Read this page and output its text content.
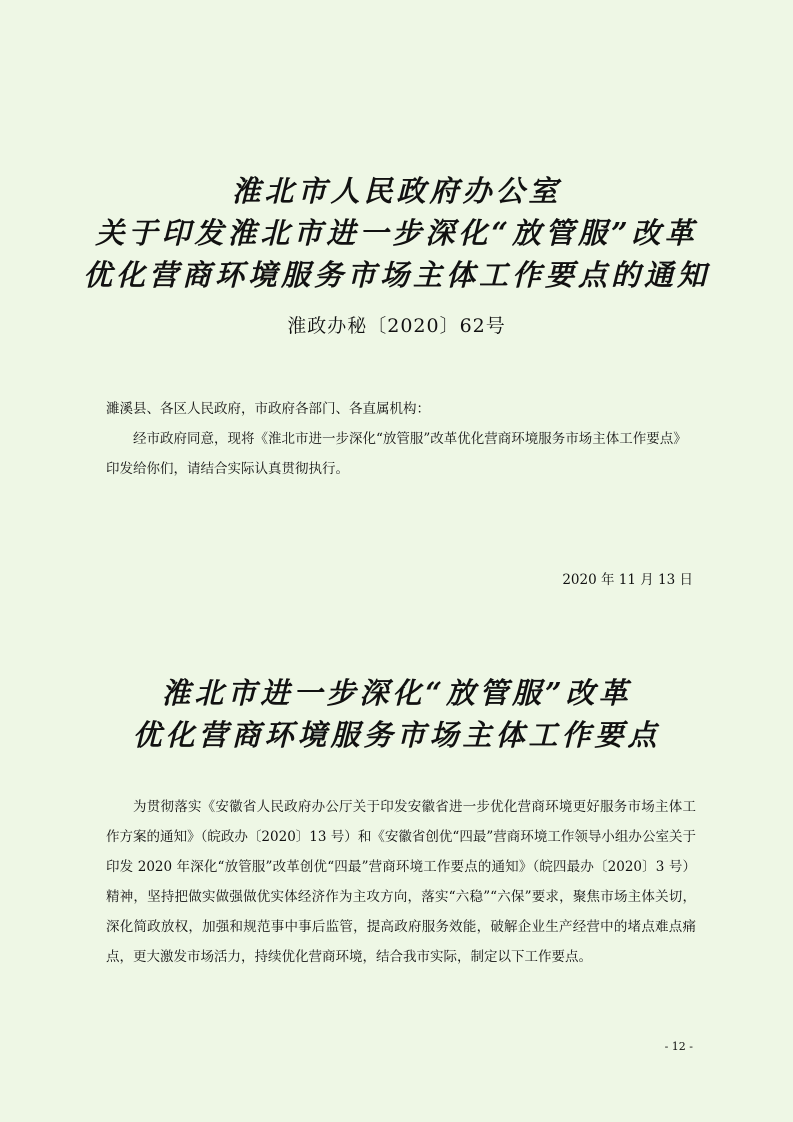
淮北市人民政府办公室
关于印发淮北市进一步深化“放管服”改革
优化营商环境服务市场主体工作要点的通知
淮政办秘〔2020〕62号
濉溪县、各区人民政府，市政府各部门、各直属机构：
经市政府同意，现将《淮北市进一步深化“放管服”改革优化营商环境服务市场主体工作要点》印发给你们，请结合实际认真贯彻执行。
2020 年 11 月 13 日
淮北市进一步深化“放管服”改革
优化营商环境服务市场主体工作要点
为贯彻落实《安徽省人民政府办公厅关于印发安徽省进一步优化营商环境更好服务市场主体工作方案的通知》（皖政办〔2020〕13 号）和《安徽省创优“四最”营商环境工作领导小组办公室关于印发 2020 年深化“放管服”改革创优“四最”营商环境工作要点的通知》（皖四最办〔2020〕3 号）精神，坚持把做实做强做优实体经济作为主攻方向，落实“六稳”“六保”要求，聚焦市场主体关切，深化简政放权，加强和规范事中事后监管，提高政府服务效能，破解企业生产经营中的堵点难点痛点，更大激发市场活力，持续优化营商环境，结合我市实际，制定以下工作要点。
- 12 -
